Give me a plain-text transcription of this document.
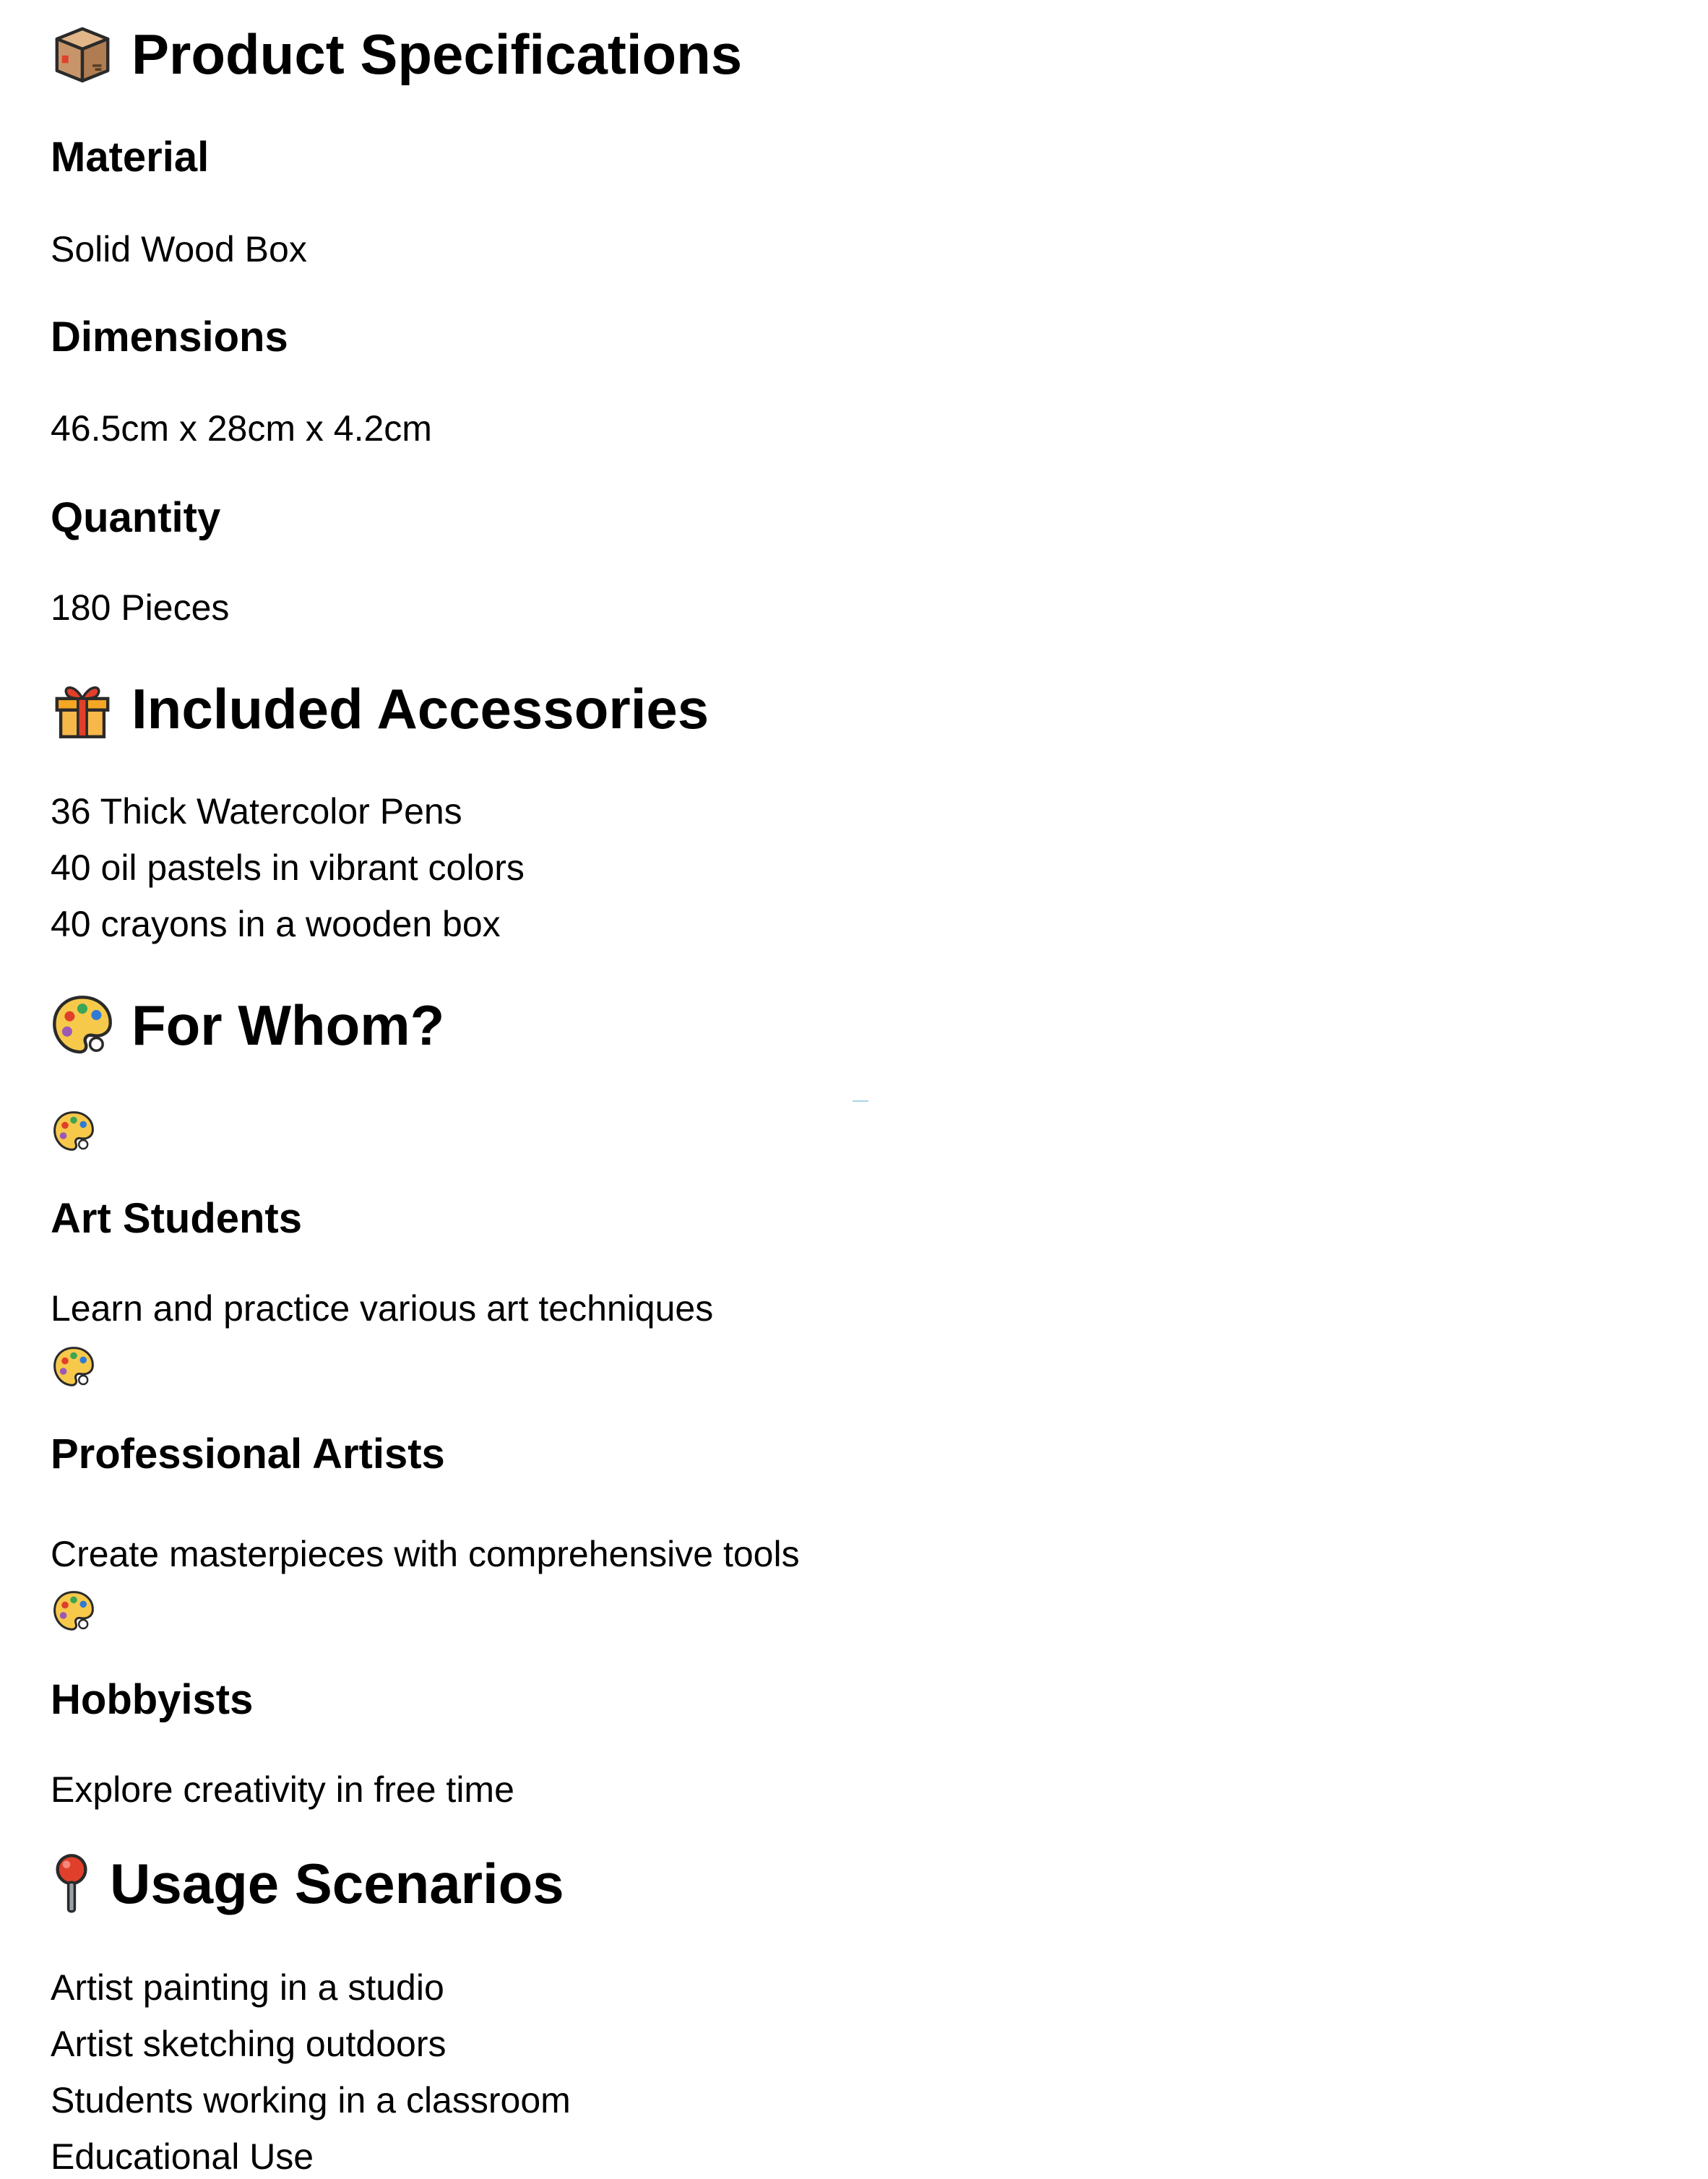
Product Specifications
Material
Solid Wood Box
Dimensions
46.5cm x 28cm x 4.2cm
Quantity
180 Pieces
Included Accessories
36 Thick Watercolor Pens
40 oil pastels in vibrant colors
40 crayons in a wooden box
For Whom?
Art Students
Learn and practice various art techniques
Professional Artists
Create masterpieces with comprehensive tools
Hobbyists
Explore creativity in free time
Usage Scenarios
Artist painting in a studio
Artist sketching outdoors
Students working in a classroom
Educational Use
